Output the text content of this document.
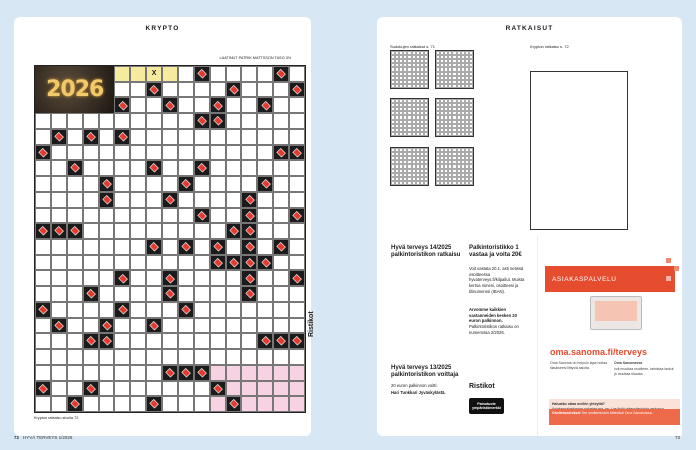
KRYPTO
LAATINUT PATRIK MATTSSON TASO 3½
2026
X
Ristikot
Krypton ratkaisu sivulla 72.
72 HYVÄ TERVEYS 1/2026
RATKAISUT
Sudokujen ratkaisut s. 71	Krypton ratkaisu s. 72
Hyvä terveys 14/2025 palkintoristikon ratkaisu
Palkintoristikko 1 vastaa ja voita 20€
Voit vastata 20.1. asti netissä osoitteessa hyvaterveys.fi/kilpailut. Muista kertoa nimesi, osoitteesi ja tilinumerosi (IBAN).
Arvomme kaikkien vastanneiden kesken 20 euron palkinnon.
Palkintoristikon ratkaisu on numerossa 2/2026.
Hyvä terveys 13/2025 palkintoristikon voittaja
20 euron palkinnon voitti:
Hari Tunkkari Jyväskylästä.
Ristikot
Painotuote ympäristömerkki
ASIAKASPALVELU
oma.sanoma.fi/terveys
Oma Sanoma on helpoin tapa hoitaa tilaukseesi liittyviä asioita.
Oma Sanomassa
voit muuttaa osoitteen, tarkistaa laskut ja muuttaa tilausta.
Haluatko ottaa meihin yhteyttä?

Osoitemuutokset Tee osoitemuutos kätevästi Oma Sanomassa.
73
